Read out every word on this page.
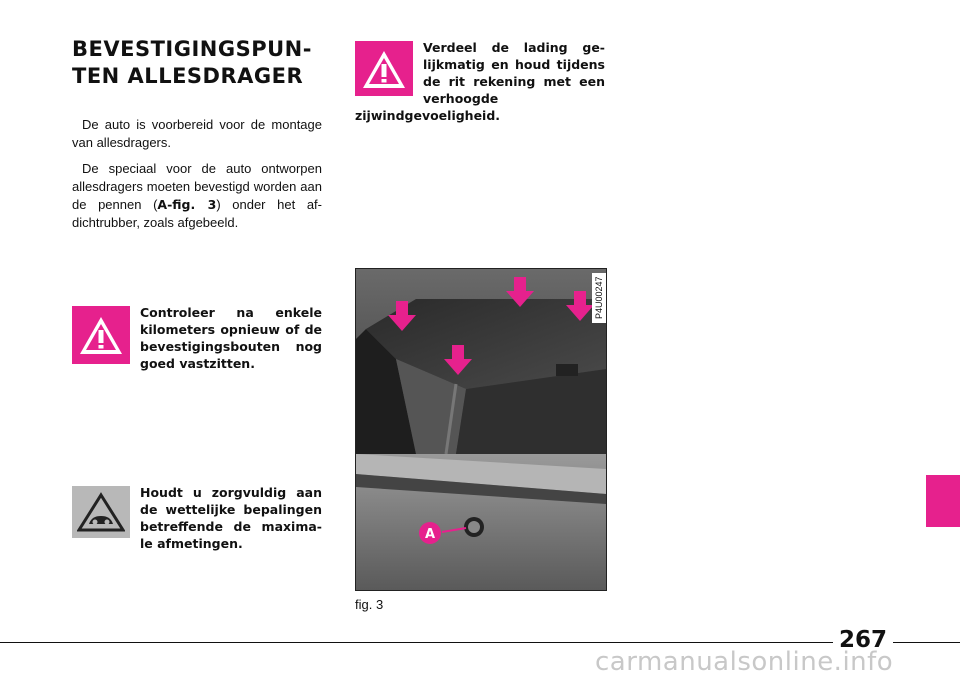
BEVESTIGINGSPUN-
TEN ALLESDRAGER

De auto is voorbereid voor de montage van allesdragers.

De speciaal voor de auto ontworpen allesdragers moeten bevestigd worden aan de pennen (A-fig. 3) onder het af-dichtrubber, zoals afgebeeld.

Controleer na enkele kilometers opnieuw of de bevestigingsbouten nog goed vastzitten.
Houdt u zorgvuldig aan de wettelijke bepalingen betreffende de maxima-le afmetingen.
Verdeel de lading ge-lijkmatig en houd tijdens de rit rekening met een verhoogde zijwindgevoeligheid.
A
P4U00247
fig. 3
267
carmanualsonline.info
